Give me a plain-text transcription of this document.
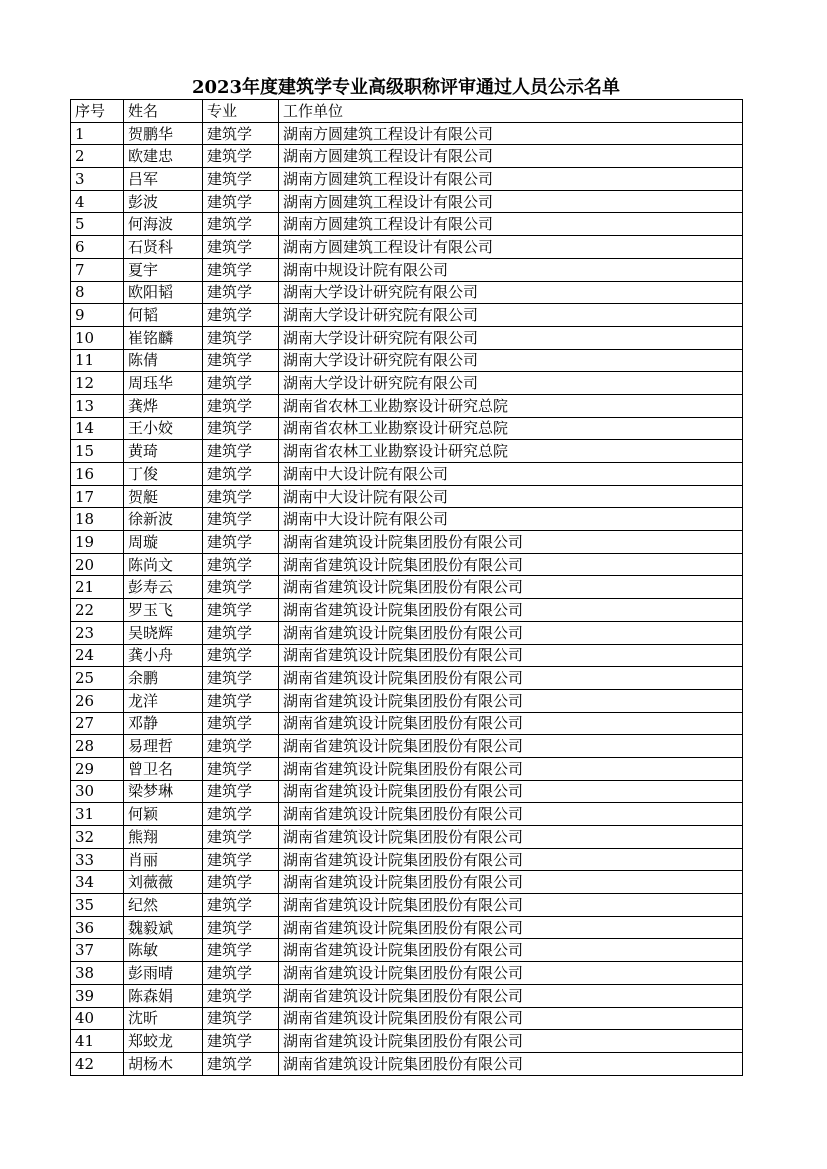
2023年度建筑学专业高级职称评审通过人员公示名单
序号	姓名	专业	工作单位
1	贺鹏华	建筑学	湖南方圆建筑工程设计有限公司
2	欧建忠	建筑学	湖南方圆建筑工程设计有限公司
3	吕军	建筑学	湖南方圆建筑工程设计有限公司
4	彭波	建筑学	湖南方圆建筑工程设计有限公司
5	何海波	建筑学	湖南方圆建筑工程设计有限公司
6	石贤科	建筑学	湖南方圆建筑工程设计有限公司
7	夏宇	建筑学	湖南中规设计院有限公司
8	欧阳韬	建筑学	湖南大学设计研究院有限公司
9	何韬	建筑学	湖南大学设计研究院有限公司
10	崔铭麟	建筑学	湖南大学设计研究院有限公司
11	陈倩	建筑学	湖南大学设计研究院有限公司
12	周珏华	建筑学	湖南大学设计研究院有限公司
13	龚烨	建筑学	湖南省农林工业勘察设计研究总院
14	王小姣	建筑学	湖南省农林工业勘察设计研究总院
15	黄琦	建筑学	湖南省农林工业勘察设计研究总院
16	丁俊	建筑学	湖南中大设计院有限公司
17	贺艇	建筑学	湖南中大设计院有限公司
18	徐新波	建筑学	湖南中大设计院有限公司
19	周璇	建筑学	湖南省建筑设计院集团股份有限公司
20	陈尚文	建筑学	湖南省建筑设计院集团股份有限公司
21	彭寿云	建筑学	湖南省建筑设计院集团股份有限公司
22	罗玉飞	建筑学	湖南省建筑设计院集团股份有限公司
23	吴晓辉	建筑学	湖南省建筑设计院集团股份有限公司
24	龚小舟	建筑学	湖南省建筑设计院集团股份有限公司
25	余鹏	建筑学	湖南省建筑设计院集团股份有限公司
26	龙洋	建筑学	湖南省建筑设计院集团股份有限公司
27	邓静	建筑学	湖南省建筑设计院集团股份有限公司
28	易理哲	建筑学	湖南省建筑设计院集团股份有限公司
29	曾卫名	建筑学	湖南省建筑设计院集团股份有限公司
30	梁梦琳	建筑学	湖南省建筑设计院集团股份有限公司
31	何颖	建筑学	湖南省建筑设计院集团股份有限公司
32	熊翔	建筑学	湖南省建筑设计院集团股份有限公司
33	肖丽	建筑学	湖南省建筑设计院集团股份有限公司
34	刘薇薇	建筑学	湖南省建筑设计院集团股份有限公司
35	纪然	建筑学	湖南省建筑设计院集团股份有限公司
36	魏毅斌	建筑学	湖南省建筑设计院集团股份有限公司
37	陈敏	建筑学	湖南省建筑设计院集团股份有限公司
38	彭雨晴	建筑学	湖南省建筑设计院集团股份有限公司
39	陈森娟	建筑学	湖南省建筑设计院集团股份有限公司
40	沈昕	建筑学	湖南省建筑设计院集团股份有限公司
41	郑蛟龙	建筑学	湖南省建筑设计院集团股份有限公司
42	胡杨木	建筑学	湖南省建筑设计院集团股份有限公司
